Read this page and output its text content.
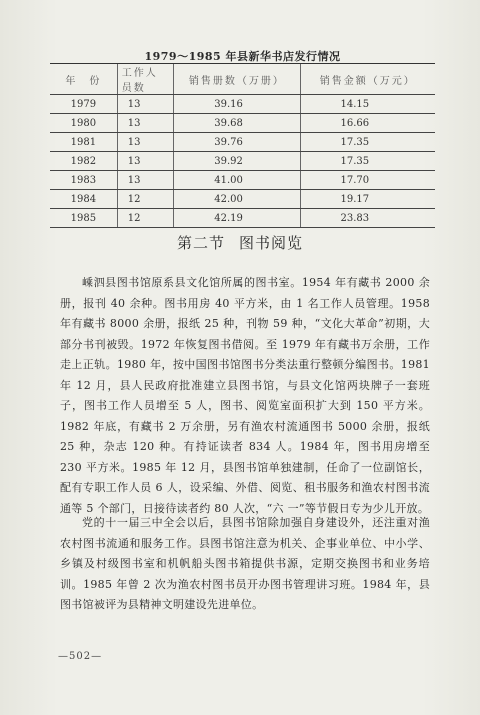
1979～1985 年县新华书店发行情况
年　份	工作人员数	销售册数（万册）	销售金额（万元）
1979	13	39.16	14.15
1980	13	39.68	16.66
1981	13	39.76	17.35
1982	13	39.92	17.35
1983	13	41.00	17.70
1984	12	42.00	19.17
1985	12	42.19	23.83
第二节 图书阅览

嵊泗县图书馆原系县文化馆所属的图书室。1954 年有藏书 2000 余册，报刊 40 余种。图书用房 40 平方米，由 1 名工作人员管理。1958 年有藏书 8000 余册，报纸 25 种，刊物 59 种，“文化大革命”初期，大部分书刊被毁。1972 年恢复图书借阅。至 1979 年有藏书万余册，工作走上正轨。1980 年，按中国图书馆图书分类法重行整顿分编图书。1981 年 12 月，县人民政府批准建立县图书馆，与县文化馆两块牌子一套班子，图书工作人员增至 5 人，图书、阅览室面积扩大到 150 平方米。1982 年底，有藏书 2 万余册，另有渔农村流通图书 5000 余册，报纸 25 种，杂志 120 种。有持证读者 834 人。1984 年，图书用房增至 230 平方米。1985 年 12 月，县图书馆单独建制，任命了一位副馆长，配有专职工作人员 6 人，设采编、外借、阅览、租书服务和渔农村图书流通等 5 个部门，日接待读者约 80 人次，“六 一”等节假日专为少儿开放。

党的十一届三中全会以后，县图书馆除加强自身建设外，还注重对渔农村图书流通和服务工作。县图书馆注意为机关、企事业单位、中小学、乡镇及村级图书室和机帆船头图书箱提供书源，定期交换图书和业务培训。1985 年曾 2 次为渔农村图书员开办图书管理讲习班。1984 年，县图书馆被评为县精神文明建设先进单位。

—502—
